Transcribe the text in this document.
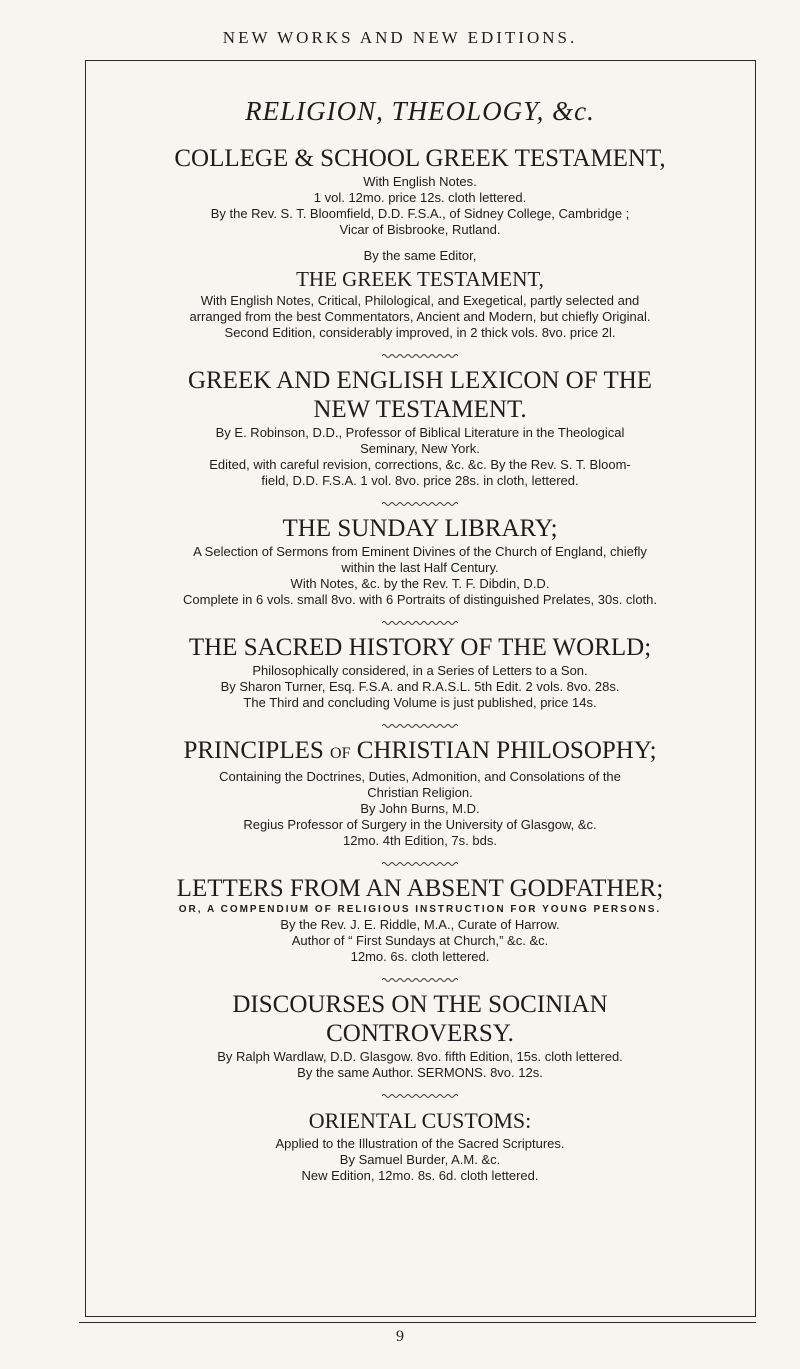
NEW WORKS AND NEW EDITIONS.
RELIGION, THEOLOGY, &c.
COLLEGE & SCHOOL GREEK TESTAMENT,

With English Notes.

1 vol. 12mo. price 12s. cloth lettered.

By the Rev. S. T. Bloomfield, D.D. F.S.A., of Sidney College, Cambridge ;

Vicar of Bisbrooke, Rutland.

By the same Editor,

THE GREEK TESTAMENT,

With English Notes, Critical, Philological, and Exegetical, partly selected and

arranged from the best Commentators, Ancient and Modern, but chiefly Original.

Second Edition, considerably improved, in 2 thick vols. 8vo. price 2l.

GREEK AND ENGLISH LEXICON OF THE
NEW TESTAMENT.

By E. Robinson, D.D., Professor of Biblical Literature in the Theological

Seminary, New York.

Edited, with careful revision, corrections, &c. &c. By the Rev. S. T. Bloom-

field, D.D. F.S.A. 1 vol. 8vo. price 28s. in cloth, lettered.

THE SUNDAY LIBRARY;

A Selection of Sermons from Eminent Divines of the Church of England, chiefly

within the last Half Century.

With Notes, &c. by the Rev. T. F. Dibdin, D.D.

Complete in 6 vols. small 8vo. with 6 Portraits of distinguished Prelates, 30s. cloth.

THE SACRED HISTORY OF THE WORLD;

Philosophically considered, in a Series of Letters to a Son.

By Sharon Turner, Esq. F.S.A. and R.A.S.L. 5th Edit. 2 vols. 8vo. 28s.

The Third and concluding Volume is just published, price 14s.

PRINCIPLES OF CHRISTIAN PHILOSOPHY;

Containing the Doctrines, Duties, Admonition, and Consolations of the

Christian Religion.

By John Burns, M.D.

Regius Professor of Surgery in the University of Glasgow, &c.

12mo. 4th Edition, 7s. bds.

LETTERS FROM AN ABSENT GODFATHER;
OR, A COMPENDIUM OF RELIGIOUS INSTRUCTION FOR YOUNG PERSONS.

By the Rev. J. E. Riddle, M.A., Curate of Harrow.

Author of “ First Sundays at Church,” &c. &c.

12mo. 6s. cloth lettered.

DISCOURSES ON THE SOCINIAN
CONTROVERSY.

By Ralph Wardlaw, D.D. Glasgow. 8vo. fifth Edition, 15s. cloth lettered.

By the same Author. SERMONS. 8vo. 12s.

ORIENTAL CUSTOMS:

Applied to the Illustration of the Sacred Scriptures.

By Samuel Burder, A.M. &c.

New Edition, 12mo. 8s. 6d. cloth lettered.

9
